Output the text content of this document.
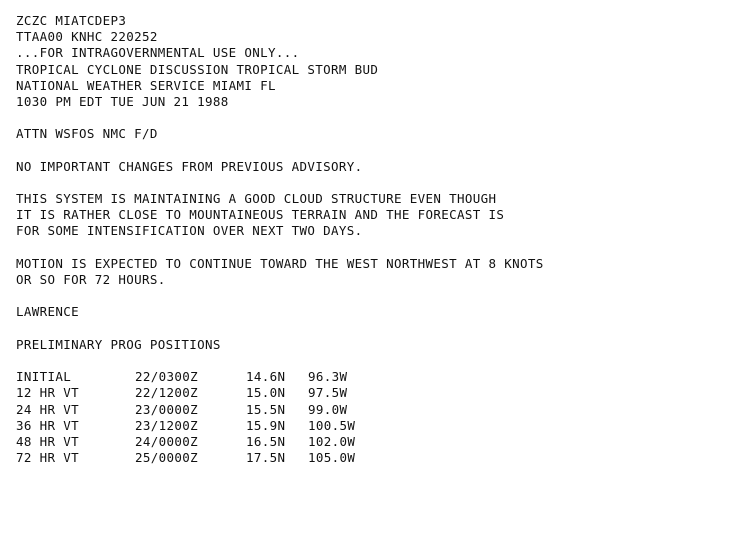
ZCZC MIATCDEP3
TTAA00 KNHC 220252
...FOR INTRAGOVERNMENTAL USE ONLY...
TROPICAL CYCLONE DISCUSSION TROPICAL STORM BUD
NATIONAL WEATHER SERVICE MIAMI FL
1030 PM EDT TUE JUN 21 1988
ATTN WSFOS NMC F/D
NO IMPORTANT CHANGES FROM PREVIOUS ADVISORY.
THIS SYSTEM IS MAINTAINING A GOOD CLOUD STRUCTURE EVEN THOUGH
IT IS RATHER CLOSE TO MOUNTAINEOUS TERRAIN AND THE FORECAST IS
FOR SOME INTENSIFICATION OVER NEXT TWO DAYS.
MOTION IS EXPECTED TO CONTINUE TOWARD THE WEST NORTHWEST AT 8 KNOTS
OR SO FOR 72 HOURS.
LAWRENCE
PRELIMINARY PROG POSITIONS
INITIAL	22/0300Z	14.6N	96.3W
12 HR VT	22/1200Z	15.0N	97.5W
24 HR VT	23/0000Z	15.5N	99.0W
36 HR VT	23/1200Z	15.9N	100.5W
48 HR VT	24/0000Z	16.5N	102.0W
72 HR VT	25/0000Z	17.5N	105.0W
